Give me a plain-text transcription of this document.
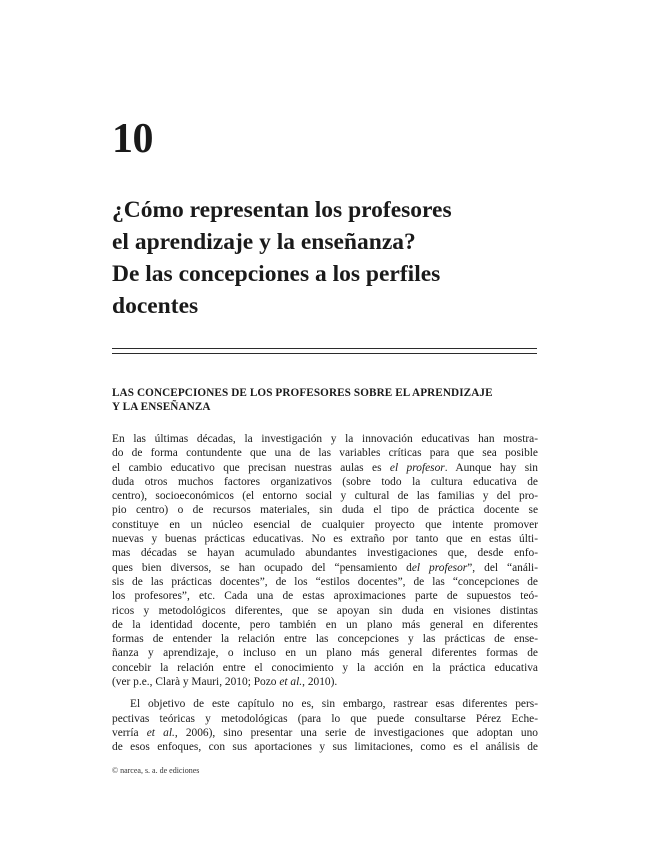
10
¿Cómo representan los profesores
el aprendizaje y la enseñanza?
De las concepciones a los perfiles
docentes
LAS CONCEPCIONES DE LOS PROFESORES SOBRE EL APRENDIZAJE
Y LA ENSEÑANZA

En las últimas décadas, la investigación y la innovación educativas han mostra-
do de forma contundente que una de las variables críticas para que sea posible
el cambio educativo que precisan nuestras aulas es el profesor. Aunque hay sin
duda otros muchos factores organizativos (sobre todo la cultura educativa de
centro), socioeconómicos (el entorno social y cultural de las familias y del pro-
pio centro) o de recursos materiales, sin duda el tipo de práctica docente se
constituye en un núcleo esencial de cualquier proyecto que intente promover
nuevas y buenas prácticas educativas. No es extraño por tanto que en estas últi-
mas décadas se hayan acumulado abundantes investigaciones que, desde enfo-
ques bien diversos, se han ocupado del “pensamiento del profesor”, del “análi-
sis de las prácticas docentes”, de los “estilos docentes”, de las “concepciones de
los profesores”, etc. Cada una de estas aproximaciones parte de supuestos teó-
ricos y metodológicos diferentes, que se apoyan sin duda en visiones distintas
de la identidad docente, pero también en un plano más general en diferentes
formas de entender la relación entre las concepciones y las prácticas de ense-
ñanza y aprendizaje, o incluso en un plano más general diferentes formas de
concebir la relación entre el conocimiento y la acción en la práctica educativa
(ver p.e., Clarà y Mauri, 2010; Pozo et al., 2010).

El objetivo de este capítulo no es, sin embargo, rastrear esas diferentes pers-
pectivas teóricas y metodológicas (para lo que puede consultarse Pérez Eche-
verría et al., 2006), sino presentar una serie de investigaciones que adoptan uno
de esos enfoques, con sus aportaciones y sus limitaciones, como es el análisis de

© narcea, s. a. de ediciones
